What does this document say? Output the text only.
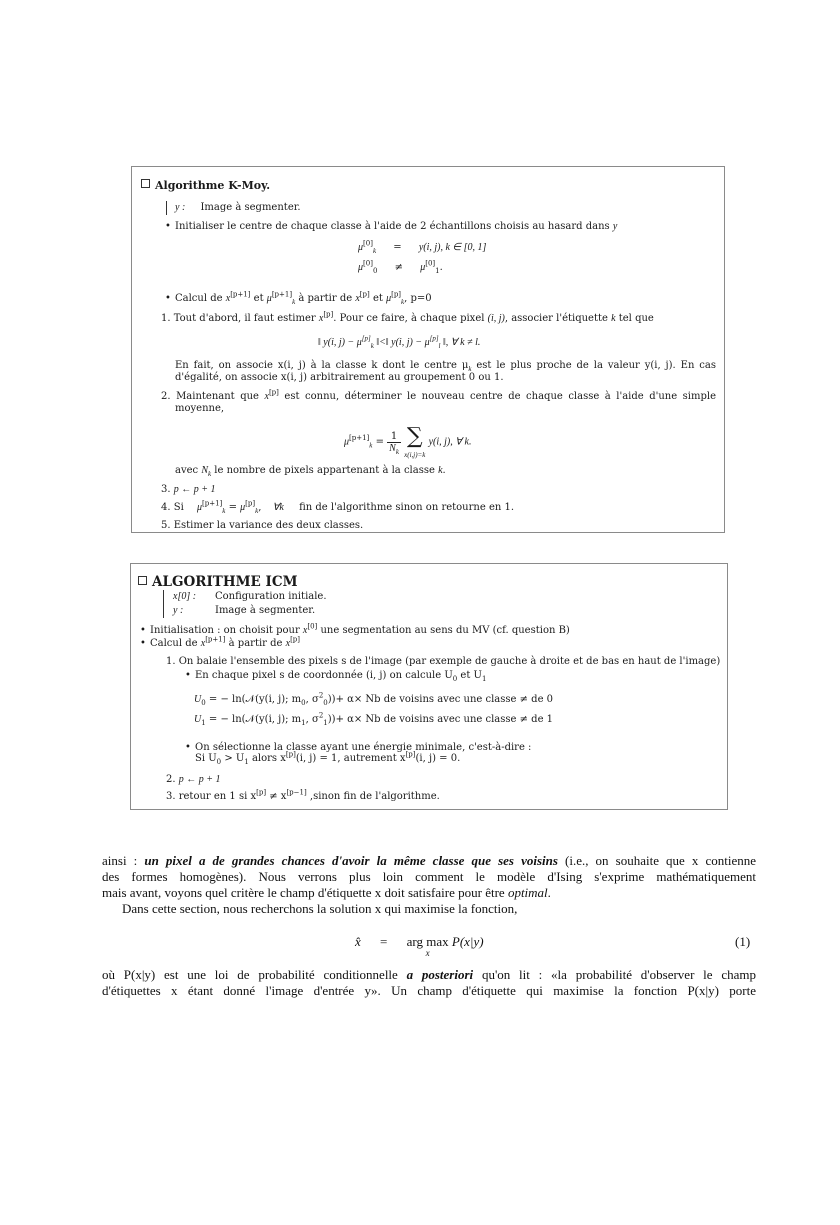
Algorithme K-Moy.
y : Image à segmenter.
• Initialiser le centre de chaque classe à l'aide de 2 échantillons choisis au hasard dans y
$\mu[0]_k = y(i$, j), k ∈ [0, 1]
$\mu[0]_0 \ne \mu[0]_1$.
• Calcul de x[p+1] et $\mu[p+1]_k$ à partir de x[p] et $\mu[p]_k$, p=0
1. Tout d'abord, il faut estimer x[p]. Pour ce faire, à chaque pixel (i, j), associer l'étiquette k tel que
‖ y(i, $j) - \mu[p]_k$ ‖<‖ y(i, $j) - \mu[p]_l$ ‖, ∀ k ≠ l.
En fait, on associe x(i, j) à la classe k dont le centre $\mu_k$ est le plus proche de la valeur y(i, j). En cas
d'égalité, on associe x(i, j) arbitrairement au groupement 0 ou 1.
2. Maintenant que x[p] est connu, déterminer le nouveau centre de chaque classe à l'aide d'une simple
moyenne,
$\mu[p+1]_k = \frac{1}{N_k}$ ∑
x(i,j)=k y(i, j), ∀ k.
avec $N_k$ le nombre de pixels appartenant à la classe k.
3. p ← p + 1
4. Si $\mu[p+1]_k = \mu[p]_k$, ∀k fin de l'algorithme sinon on retourne en 1.
5. Estimer la variance des deux classes.
ALGORITHME ICM
x[0] : Configuration initiale.
y :	Image à segmenter.
• Initialisation : on choisit pour x[0] une segmentation au sens du MV (cf. question B)
• Calcul de x[p+1] à partir de x[p]
1. On balaie l'ensemble des pixels s de l'image (par exemple de gauche à droite et de bas en haut de l'image)
• En chaque pixel s de coordonnée (i, j) on calcule $U_0$ et $U_1$
$U_0$ = − ln(𝒩(y(i, j); $m_0$, $\sigma^2_0))+ \alpha\times Nb$ de voisins avec une classe ≠ de 0
$U_1$ = − ln(𝒩(y(i, j); $m_1$, $\sigma^2_1))+ \alpha\times Nb$ de voisins avec une classe ≠ de 1
• On sélectionne la classe ayant une énergie minimale, c'est-à-dire :
Si $U_0 > U_1$ alors x[p](i, j) = 1, autrement x[p](i, j) = 0.
2. p ← p + 1
3. retour en 1 si x[p] ≠ x[p−1] ,sinon fin de l'algorithme.
ainsi : un pixel a de grandes chances d'avoir la même classe que ses voisins (i.e., on souhaite que x contienne
des formes homogènes). Nous verrons plus loin comment le modèle d'Ising s'exprime mathématiquement
mais avant, voyons quel critère le champ d'étiquette x doit satisfaire pour être optimal.
Dans cette section, nous recherchons la solution x qui maximise la fonction,
x̂ = arg max

x
P(x|y)	(1)
où P(x|y) est une loi de probabilité conditionnelle a posteriori qu'on lit : «la probabilité d'observer le champ
d'étiquettes x étant donné l'image d'entrée y». Un champ d'étiquette qui maximise la fonction P(x|y) porte
